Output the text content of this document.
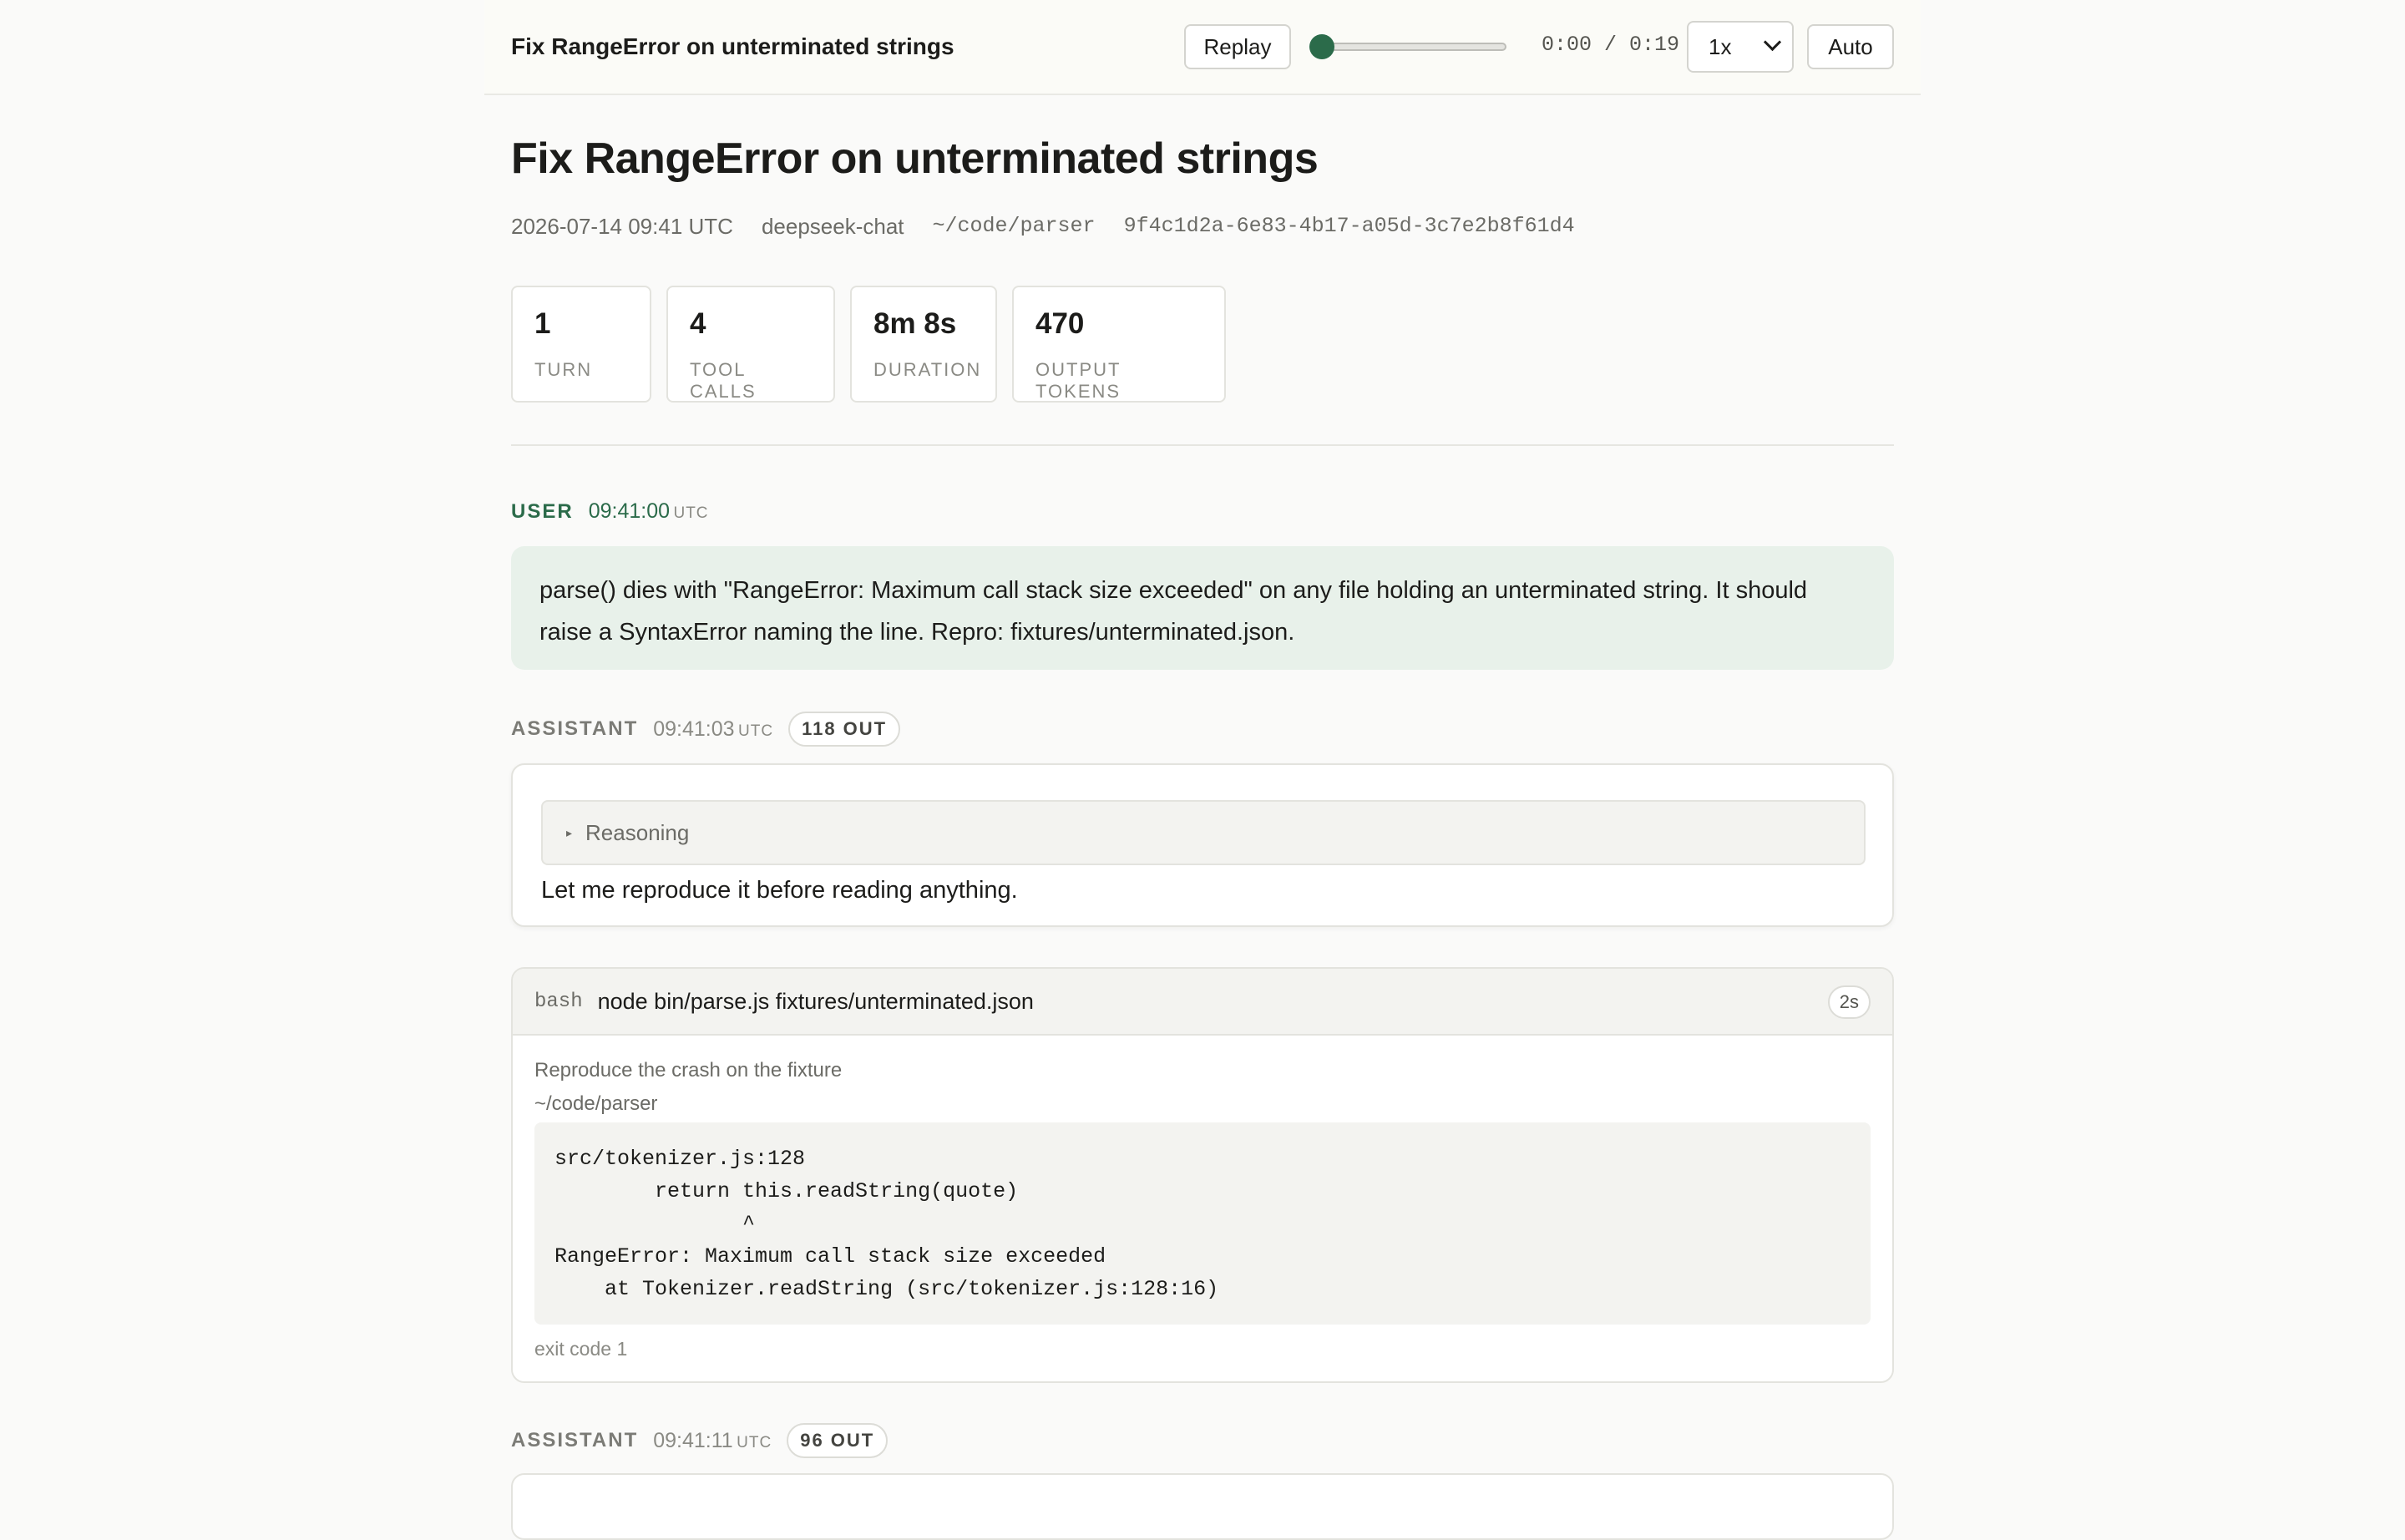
Fix RangeError on unterminated strings	Replay	0:00 / 0:19	1x	Auto
Fix RangeError on unterminated strings
2026-07-14 09:41 UTC deepseek-chat ~/code/parser 9f4c1d2a-6e83-4b17-a05d-3c7e2b8f61d4
1
TURN
4
TOOL CALLS
8m 8s
DURATION
470
OUTPUT TOKENS
USER 09:41:00 UTC
parse() dies with "RangeError: Maximum call stack size exceeded" on any file holding an unterminated string. It should raise a SyntaxError naming the line. Repro: fixtures/unterminated.json.
ASSISTANT 09:41:03 UTC	118 OUT
▸ Reasoning
Let me reproduce it before reading anything.
bash node bin/parse.js fixtures/unterminated.json	2s
Reproduce the crash on the fixture
~/code/parser
src/tokenizer.js:128
return this.readString(quote)
^
RangeError: Maximum call stack size exceeded
at Tokenizer.readString (src/tokenizer.js:128:16)
exit code 1
ASSISTANT 09:41:11 UTC	96 OUT
